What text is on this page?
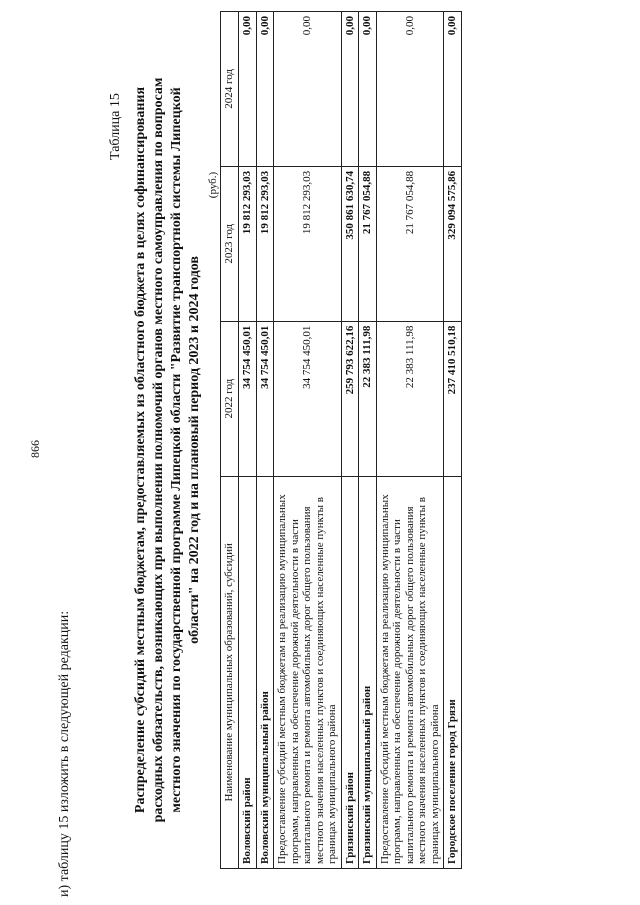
866
и) таблицу 15 изложить в следующей редакции:
Таблица 15 Распределение субсидий местным бюджетам, предоставляемых из областного бюджета в целях софинансирования расходных обязательств, возникающих при выполнении полномочий органов местного самоуправления по вопросам местного значения по государственной программе Липецкой области "Развитие транспортной системы Липецкой области" на 2022 год и на плановый период 2023 и 2024 годов
(руб.)
Наименование муниципальных образований, субсидий	2022 год	2023 год	2024 год
Воловский район	34 754 450,01	19 812 293,03	0,00
Воловский муниципальный район	34 754 450,01	19 812 293,03	0,00
Предоставление субсидий местным бюджетам на реализацию муниципальных программ, направленных на обеспечение дорожной деятельности в части капитального ремонта и ремонта автомобильных дорог общего пользования местного значения населенных пунктов и соединяющих населенные пункты в границах муниципального района	34 754 450,01	19 812 293,03	0,00
Грязинский район	259 793 622,16	350 861 630,74	0,00
Грязинский муниципальный район	22 383 111,98	21 767 054,88	0,00
Предоставление субсидий местным бюджетам на реализацию муниципальных программ, направленных на обеспечение дорожной деятельности в части капитального ремонта и ремонта автомобильных дорог общего пользования местного значения населенных пунктов и соединяющих населенные пункты в границах муниципального района	22 383 111,98	21 767 054,88	0,00
Городское поселение город Грязи	237 410 510,18	329 094 575,86	0,00
